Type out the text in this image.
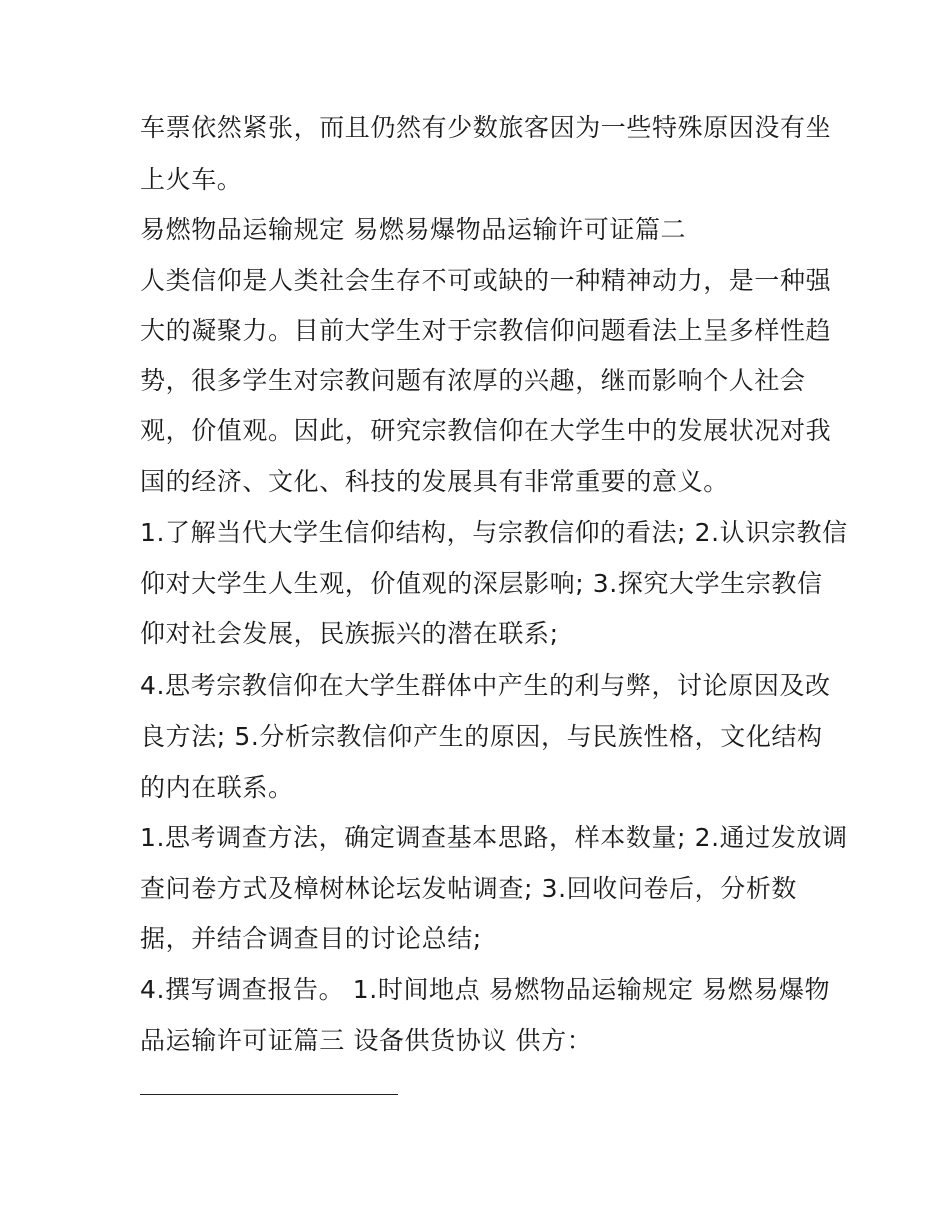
车票依然紧张，而且仍然有少数旅客因为一些特殊原因没有坐
上火车。
易燃物品运输规定 易燃易爆物品运输许可证篇二
人类信仰是人类社会生存不可或缺的一种精神动力，是一种强
大的凝聚力。目前大学生对于宗教信仰问题看法上呈多样性趋
势，很多学生对宗教问题有浓厚的兴趣，继而影响个人社会
观，价值观。因此，研究宗教信仰在大学生中的发展状况对我
国的经济、文化、科技的发展具有非常重要的意义。
1.了解当代大学生信仰结构，与宗教信仰的看法; 2.认识宗教信
仰对大学生人生观，价值观的深层影响; 3.探究大学生宗教信
仰对社会发展，民族振兴的潜在联系;
4.思考宗教信仰在大学生群体中产生的利与弊，讨论原因及改
良方法; 5.分析宗教信仰产生的原因，与民族性格，文化结构
的内在联系。
1.思考调查方法，确定调查基本思路，样本数量; 2.通过发放调
查问卷方式及樟树林论坛发帖调查; 3.回收问卷后，分析数
据，并结合调查目的讨论总结;
4.撰写调查报告。 1.时间地点 易燃物品运输规定 易燃易爆物
品运输许可证篇三 设备供货协议 供方：
